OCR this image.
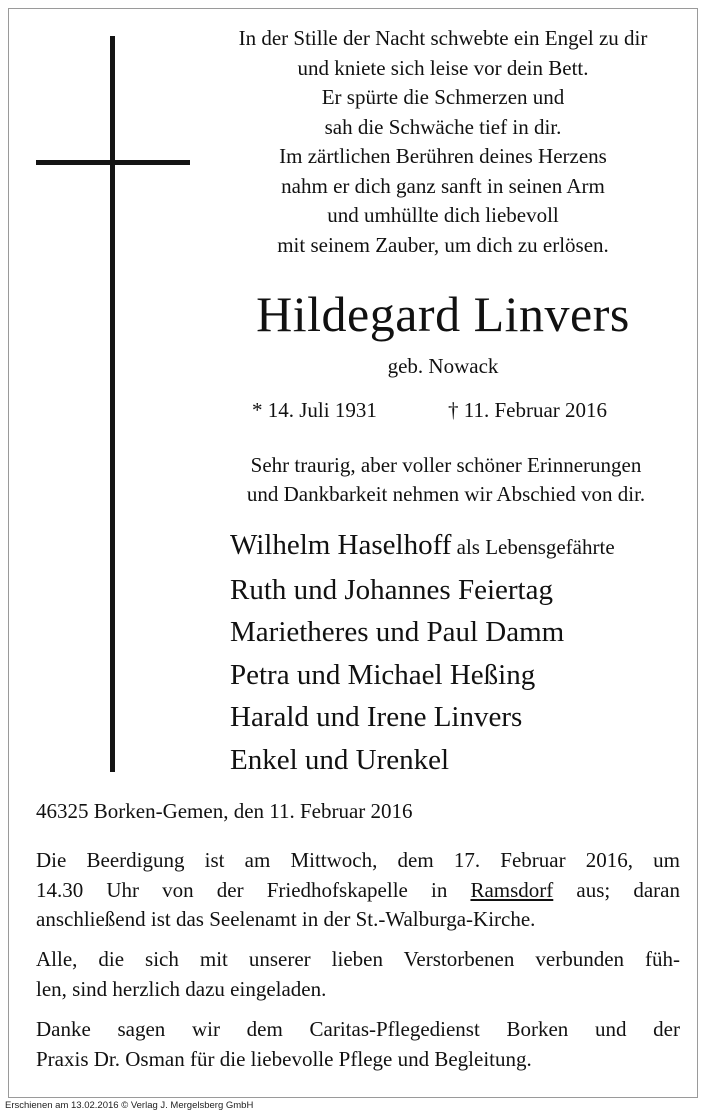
In der Stille der Nacht schwebte ein Engel zu dir
und kniete sich leise vor dein Bett.
Er spürte die Schmerzen und
sah die Schwäche tief in dir.
Im zärtlichen Berühren deines Herzens
nahm er dich ganz sanft in seinen Arm
und umhüllte dich liebevoll
mit seinem Zauber, um dich zu erlösen.
Hildegard Linvers
geb. Nowack
* 14. Juli 1931	† 11. Februar 2016
Sehr traurig, aber voller schöner Erinnerungen
und Dankbarkeit nehmen wir Abschied von dir.
Wilhelm Haselhoff als Lebensgefährte
Ruth und Johannes Feiertag
Marietheres und Paul Damm
Petra und Michael Heßing
Harald und Irene Linvers
Enkel und Urenkel
46325 Borken-Gemen, den 11. Februar 2016
Die Beerdigung ist am Mittwoch, dem 17. Februar 2016, um
14.30 Uhr von der Friedhofskapelle in Ramsdorf aus; daran
anschließend ist das Seelenamt in der St.-Walburga-Kirche.
Alle, die sich mit unserer lieben Verstorbenen verbunden füh-
len, sind herzlich dazu eingeladen.
Danke sagen wir dem Caritas-Pflegedienst Borken und der
Praxis Dr. Osman für die liebevolle Pflege und Begleitung.
Erschienen am 13.02.2016 © Verlag J. Mergelsberg GmbH
